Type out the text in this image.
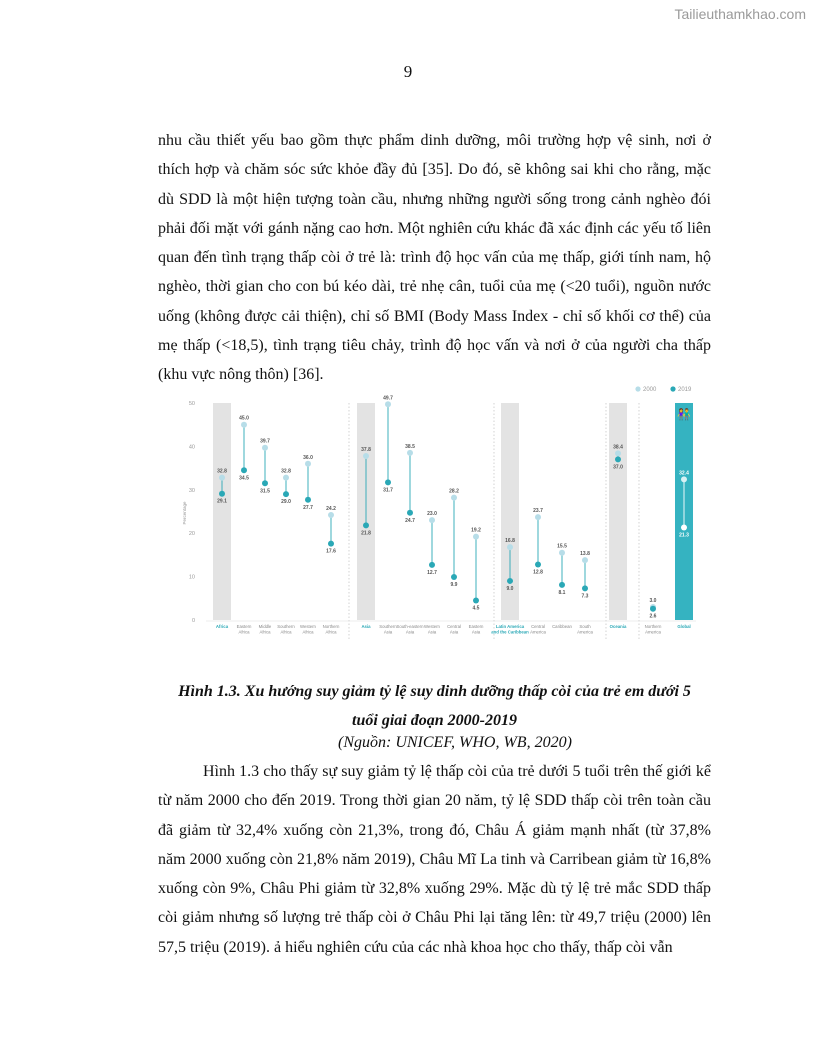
Tailieuthamkhao.com
9

nhu cầu thiết yếu bao gồm thực phẩm dinh dưỡng, môi trường hợp vệ sinh, nơi ở thích hợp và chăm sóc sức khỏe đầy đủ [35]. Do đó, sẽ không sai khi cho rằng, mặc dù SDD là một hiện tượng toàn cầu, nhưng những người sống trong cảnh nghèo đói phải đối mặt với gánh nặng cao hơn. Một nghiên cứu khác đã xác định các yếu tố liên quan đến tình trạng thấp còi ở trẻ là: trình độ học vấn của mẹ thấp, giới tính nam, hộ nghèo, thời gian cho con bú kéo dài, trẻ nhẹ cân, tuổi của mẹ (<20 tuổi), nguồn nước uống (không được cải thiện), chỉ số BMI (Body Mass Index - chỉ số khối cơ thể) của mẹ thấp (<18,5), tình trạng tiêu chảy, trình độ học vấn và nơi ở của người cha thấp (khu vực nông thôn) [36].

0
10
20
30
40
50
Percentage
2000	2019
👫
32.8
29.1
Africa
45.0
34.5
Eastern Africa
39.7
31.5
Middle Africa
32.8
29.0
Southern Africa
36.0
27.7
Western Africa
24.2
17.6
Northern Africa
37.8
21.8
Asia
49.7
31.7
Southern Asia
38.5
24.7
South-eastern Asia
23.0
12.7
Western Asia
28.2
9.9
Central Asia
19.2
4.5
Eastern Asia
16.8
9.0
Latin America and the Caribbean
23.7
12.8
Central America
15.5
8.1
Caribbean
13.8
7.3
South America
38.4
37.0
Oceania
3.0
2.6
Northern America
32.4
21.3
Global

Hình 1.3. Xu hướng suy giảm tỷ lệ suy dinh dưỡng thấp còi của trẻ em dưới 5
tuổi giai đoạn 2000-2019

(Nguồn: UNICEF, WHO, WB, 2020)

Hình 1.3 cho thấy sự suy giảm tỷ lệ thấp còi của trẻ dưới 5 tuổi trên thế giới kể từ năm 2000 cho đến 2019. Trong thời gian 20 năm, tỷ lệ SDD thấp còi trên toàn cầu đã giảm từ 32,4% xuống còn 21,3%, trong đó, Châu Á giảm mạnh nhất (từ 37,8% năm 2000 xuống còn 21,8% năm 2019), Châu Mĩ La tinh và Carribean giảm từ 16,8% xuống còn 9%, Châu Phi giảm từ 32,8% xuống 29%. Mặc dù tỷ lệ trẻ mắc SDD thấp còi giảm nhưng số lượng trẻ thấp còi ở Châu Phi lại tăng lên: từ 49,7 triệu (2000) lên 57,5 triệu (2019). ả hiểu nghiên cứu của các nhà khoa học cho thấy, thấp còi vẫn
